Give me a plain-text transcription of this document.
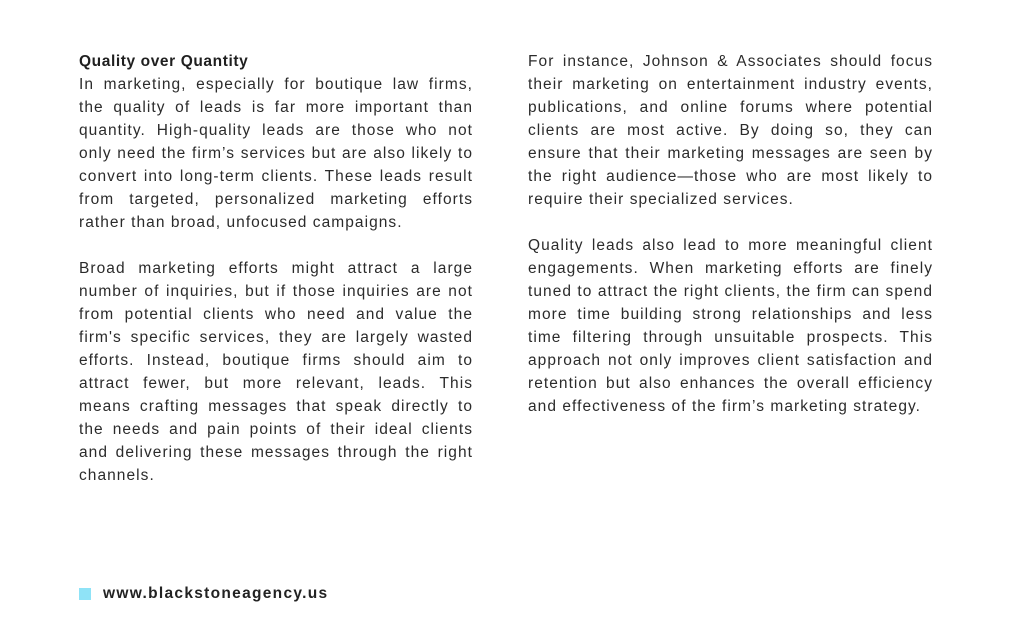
Quality over Quantity

In marketing, especially for boutique law firms, the quality of leads is far more important than quantity. High-quality leads are those who not only need the firm’s services but are also likely to convert into long-term clients. These leads result from targeted, personalized marketing efforts rather than broad, unfocused campaigns.

Broad marketing efforts might attract a large number of inquiries, but if those inquiries are not from potential clients who need and value the firm's specific services, they are largely wasted efforts. Instead, boutique firms should aim to attract fewer, but more relevant, leads. This means crafting messages that speak directly to the needs and pain points of their ideal clients and delivering these messages through the right channels.

For instance, Johnson & Associates should focus their marketing on entertainment industry events, publications, and online forums where potential clients are most active. By doing so, they can ensure that their marketing messages are seen by the right audience—those who are most likely to require their specialized services.

Quality leads also lead to more meaningful client engagements. When marketing efforts are finely tuned to attract the right clients, the firm can spend more time building strong relationships and less time filtering through unsuitable prospects. This approach not only improves client satisfaction and retention but also enhances the overall efficiency and effectiveness of the firm’s marketing strategy.

www.blackstoneagency.us
